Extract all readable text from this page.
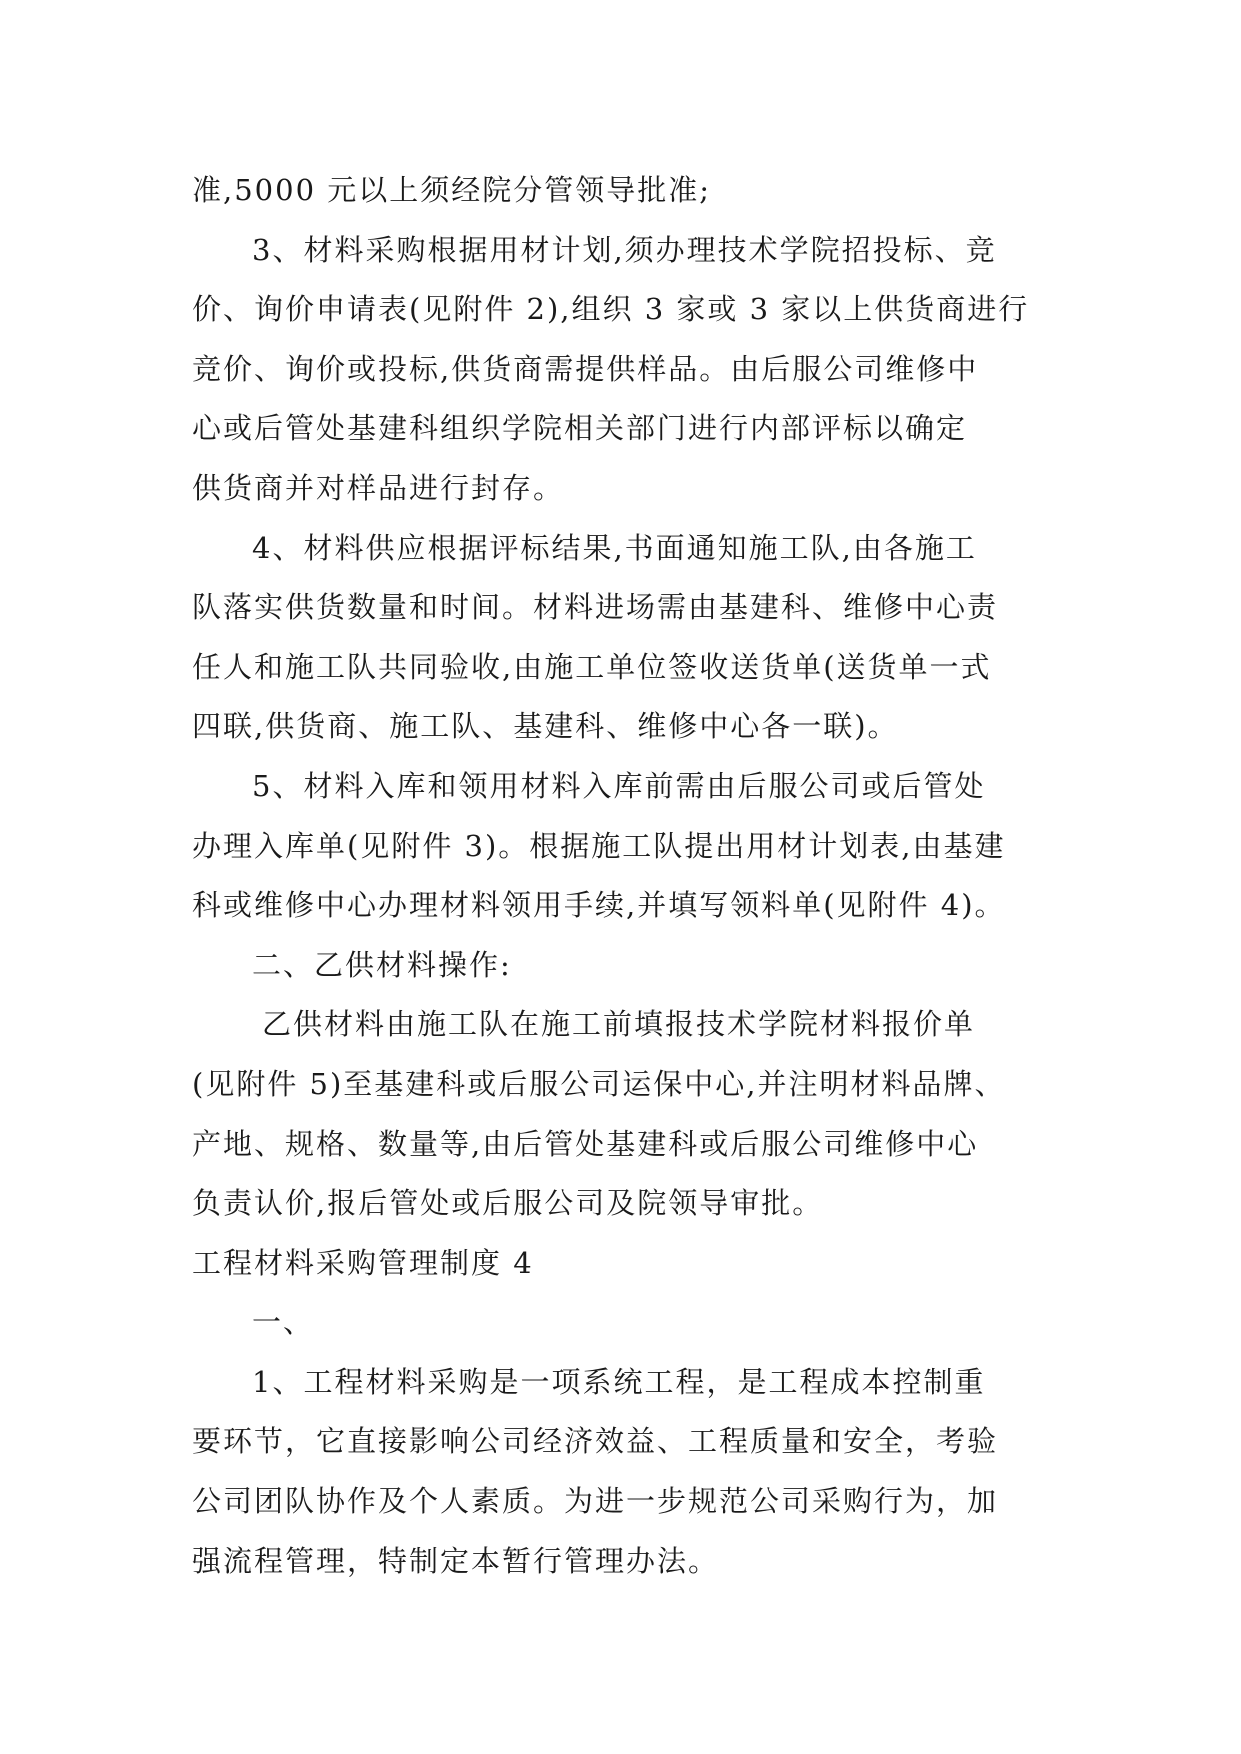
准,5000 元以上须经院分管领导批准;
3、材料采购根据用材计划,须办理技术学院招投标、竞
价、询价申请表(见附件 2),组织 3 家或 3 家以上供货商进行
竞价、询价或投标,供货商需提供样品。由后服公司维修中
心或后管处基建科组织学院相关部门进行内部评标以确定
供货商并对样品进行封存。
4、材料供应根据评标结果,书面通知施工队,由各施工
队落实供货数量和时间。材料进场需由基建科、维修中心责
任人和施工队共同验收,由施工单位签收送货单(送货单一式
四联,供货商、施工队、基建科、维修中心各一联)。
5、材料入库和领用材料入库前需由后服公司或后管处
办理入库单(见附件 3)。根据施工队提出用材计划表,由基建
科或维修中心办理材料领用手续,并填写领料单(见附件 4)。
二、乙供材料操作:
乙供材料由施工队在施工前填报技术学院材料报价单
(见附件 5)至基建科或后服公司运保中心,并注明材料品牌、
产地、规格、数量等,由后管处基建科或后服公司维修中心
负责认价,报后管处或后服公司及院领导审批。
工程材料采购管理制度 4
一、
1、工程材料采购是一项系统工程，是工程成本控制重
要环节，它直接影响公司经济效益、工程质量和安全，考验
公司团队协作及个人素质。为进一步规范公司采购行为，加
强流程管理，特制定本暂行管理办法。
